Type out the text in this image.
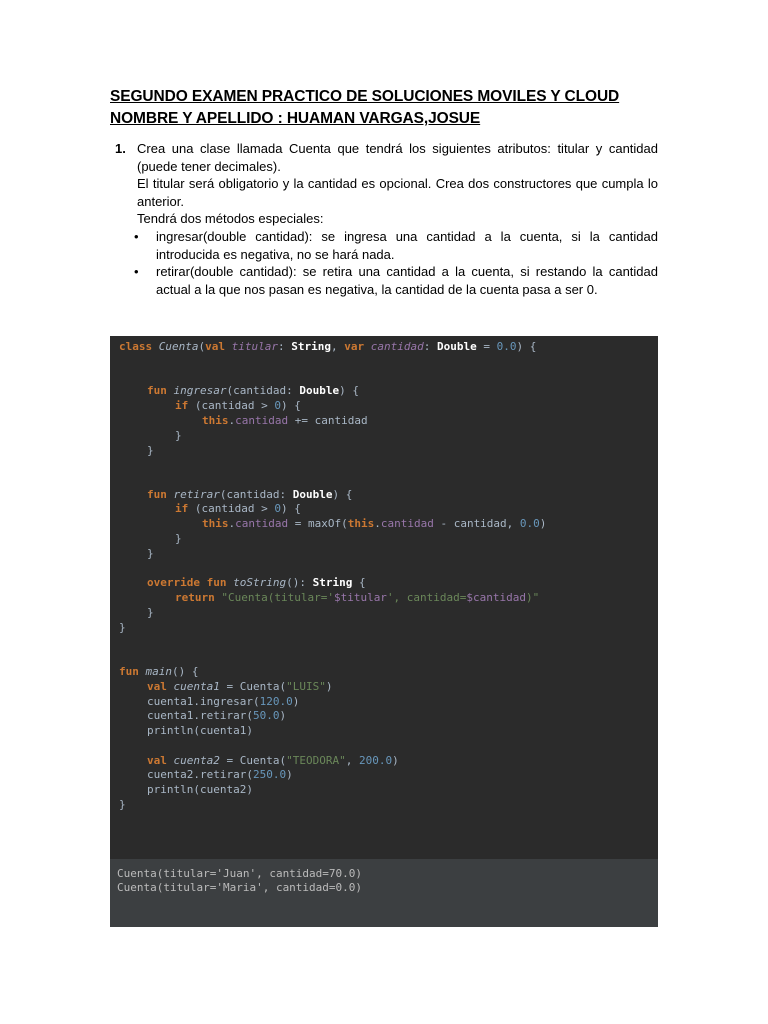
SEGUNDO EXAMEN PRACTICO DE SOLUCIONES MOVILES Y CLOUD
NOMBRE Y APELLIDO : HUAMAN VARGAS,JOSUE
1. Crea una clase llamada Cuenta que tendrá los siguientes atributos: titular y cantidad (puede tener decimales).

El titular será obligatorio y la cantidad es opcional. Crea dos constructores que cumpla lo anterior.

Tendrá dos métodos especiales:

• ingresar(double cantidad): se ingresa una cantidad a la cuenta, si la cantidad introducida es negativa, no se hará nada.
• retirar(double cantidad): se retira una cantidad a la cuenta, si restando la cantidad actual a la que nos pasan es negativa, la cantidad de la cuenta pasa a ser 0.
class Cuenta(val titular: String, var cantidad: Double = 0.0) {
fun ingresar(cantidad: Double) {
if (cantidad > 0) {
this.cantidad += cantidad
}
}
fun retirar(cantidad: Double) {
if (cantidad > 0) {
this.cantidad = maxOf(this.cantidad - cantidad, 0.0)
}
}
override fun toString(): String {
return "Cuenta(titular='$titular', cantidad=$cantidad)"
}
}
fun main() {
val cuenta1 = Cuenta("LUIS")
cuenta1.ingresar(120.0)
cuenta1.retirar(50.0)
println(cuenta1)
val cuenta2 = Cuenta("TEODORA", 200.0)
cuenta2.retirar(250.0)
println(cuenta2)
}
Cuenta(titular='Juan', cantidad=70.0)
Cuenta(titular='Maria', cantidad=0.0)
